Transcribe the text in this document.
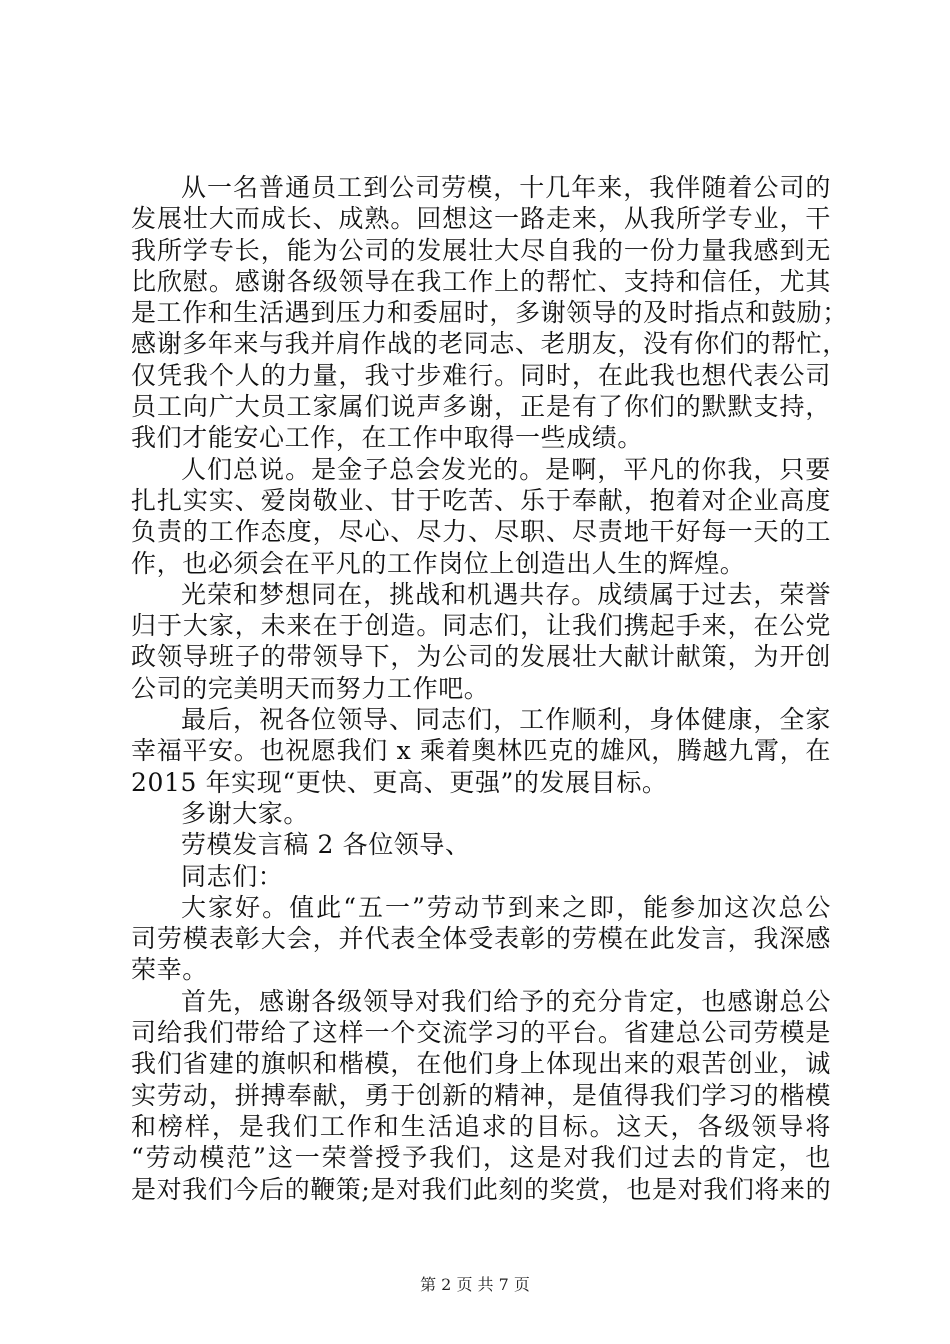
从一名普通员工到公司劳模，十几年来，我伴随着公司的
发展壮大而成长、成熟。回想这一路走来，从我所学专业，干
我所学专长，能为公司的发展壮大尽自我的一份力量我感到无
比欣慰。感谢各级领导在我工作上的帮忙、支持和信任，尤其
是工作和生活遇到压力和委屈时，多谢领导的及时指点和鼓励；
感谢多年来与我并肩作战的老同志、老朋友，没有你们的帮忙，
仅凭我个人的力量，我寸步难行。同时，在此我也想代表公司
员工向广大员工家属们说声多谢，正是有了你们的默默支持，
我们才能安心工作，在工作中取得一些成绩。
人们总说。是金子总会发光的。是啊，平凡的你我，只要
扎扎实实、爱岗敬业、甘于吃苦、乐于奉献，抱着对企业高度
负责的工作态度，尽心、尽力、尽职、尽责地干好每一天的工
作，也必须会在平凡的工作岗位上创造出人生的辉煌。
光荣和梦想同在，挑战和机遇共存。成绩属于过去，荣誉
归于大家，未来在于创造。同志们，让我们携起手来，在公党
政领导班子的带领导下，为公司的发展壮大献计献策，为开创
公司的完美明天而努力工作吧。
最后，祝各位领导、同志们，工作顺利，身体健康，全家
幸福平安。也祝愿我们 x 乘着奥林匹克的雄风，腾越九霄，在
2015 年实现“更快、更高、更强”的发展目标。
多谢大家。
劳模发言稿 2 各位领导、
同志们：
大家好。值此“五一”劳动节到来之即，能参加这次总公
司劳模表彰大会，并代表全体受表彰的劳模在此发言，我深感
荣幸。
首先，感谢各级领导对我们给予的充分肯定，也感谢总公
司给我们带给了这样一个交流学习的平台。省建总公司劳模是
我们省建的旗帜和楷模，在他们身上体现出来的艰苦创业，诚
实劳动，拼搏奉献，勇于创新的精神，是值得我们学习的楷模
和榜样，是我们工作和生活追求的目标。这天，各级领导将
“劳动模范”这一荣誉授予我们，这是对我们过去的肯定，也
是对我们今后的鞭策;是对我们此刻的奖赏，也是对我们将来的
第 2 页 共 7 页
